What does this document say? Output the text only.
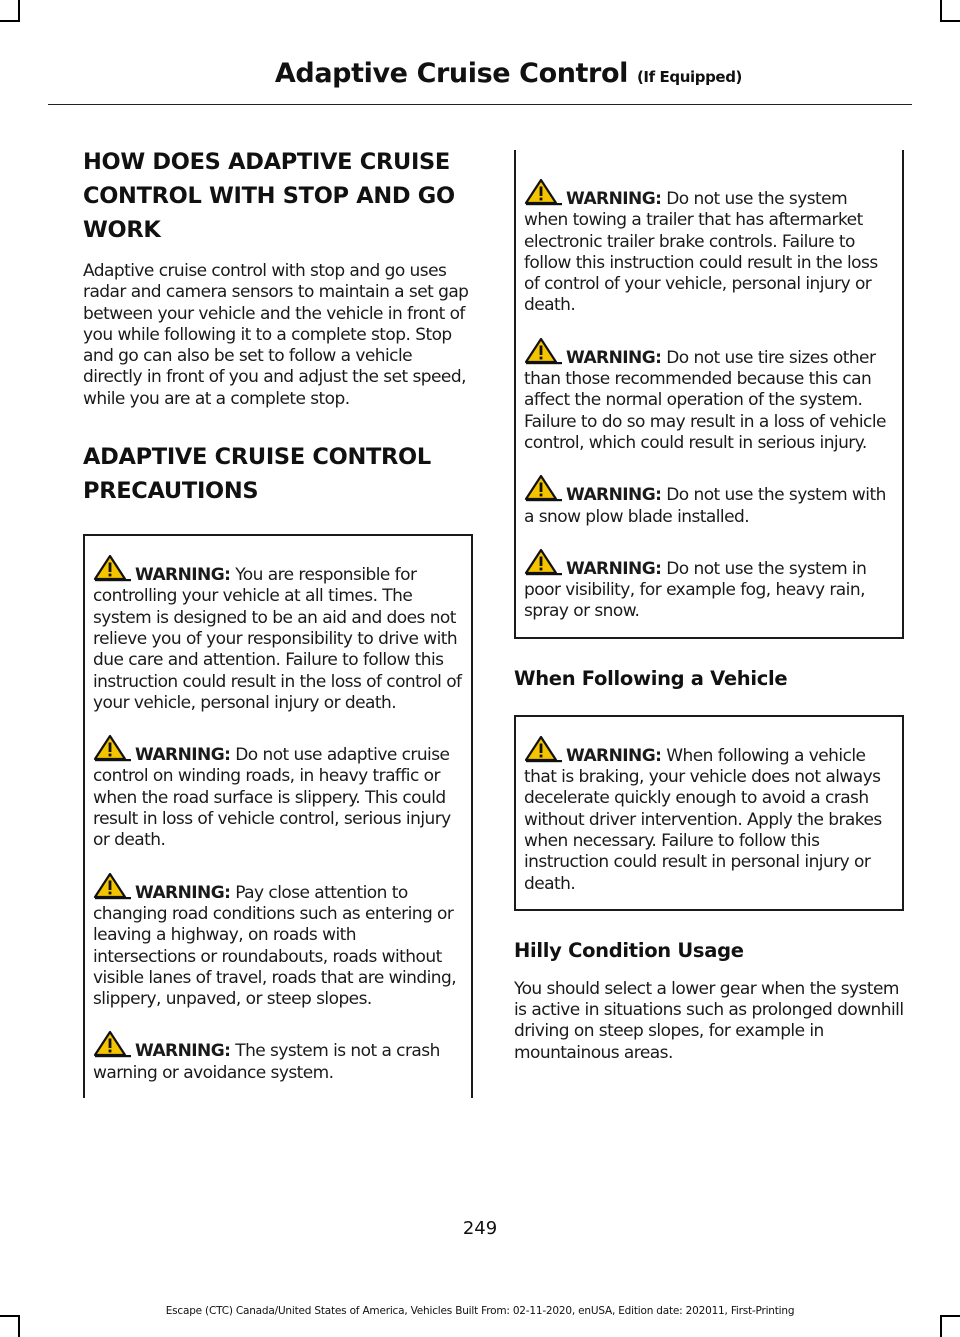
Adaptive Cruise Control (If Equipped)
HOW DOES ADAPTIVE CRUISE CONTROL WITH STOP AND GO WORK

Adaptive cruise control with stop and go uses radar and camera sensors to maintain a set gap between your vehicle and the vehicle in front of you while following it to a complete stop. Stop and go can also be set to follow a vehicle directly in front of you and adjust the set speed, while you are at a complete stop.

ADAPTIVE CRUISE CONTROL PRECAUTIONS
WARNING: You are responsible for controlling your vehicle at all times. The system is designed to be an aid and does not relieve you of your responsibility to drive with due care and attention. Failure to follow this instruction could result in the loss of control of your vehicle, personal injury or death.
WARNING: Do not use adaptive cruise control on winding roads, in heavy traffic or when the road surface is slippery. This could result in loss of vehicle control, serious injury or death.
WARNING: Pay close attention to changing road conditions such as entering or leaving a highway, on roads with intersections or roundabouts, roads without visible lanes of travel, roads that are winding, slippery, unpaved, or steep slopes.
WARNING: The system is not a crash warning or avoidance system.
WARNING: Do not use the system when towing a trailer that has aftermarket electronic trailer brake controls. Failure to follow this instruction could result in the loss of control of your vehicle, personal injury or death.
WARNING: Do not use tire sizes other than those recommended because this can affect the normal operation of the system. Failure to do so may result in a loss of vehicle control, which could result in serious injury.
WARNING: Do not use the system with a snow plow blade installed.
WARNING: Do not use the system in poor visibility, for example fog, heavy rain, spray or snow.
When Following a Vehicle
WARNING: When following a vehicle that is braking, your vehicle does not always decelerate quickly enough to avoid a crash without driver intervention. Apply the brakes when necessary. Failure to follow this instruction could result in personal injury or death.
Hilly Condition Usage

You should select a lower gear when the system is active in situations such as prolonged downhill driving on steep slopes, for example in mountainous areas.

249
Escape (CTC) Canada/United States of America, Vehicles Built From: 02-11-2020, enUSA, Edition date: 202011, First-Printing
